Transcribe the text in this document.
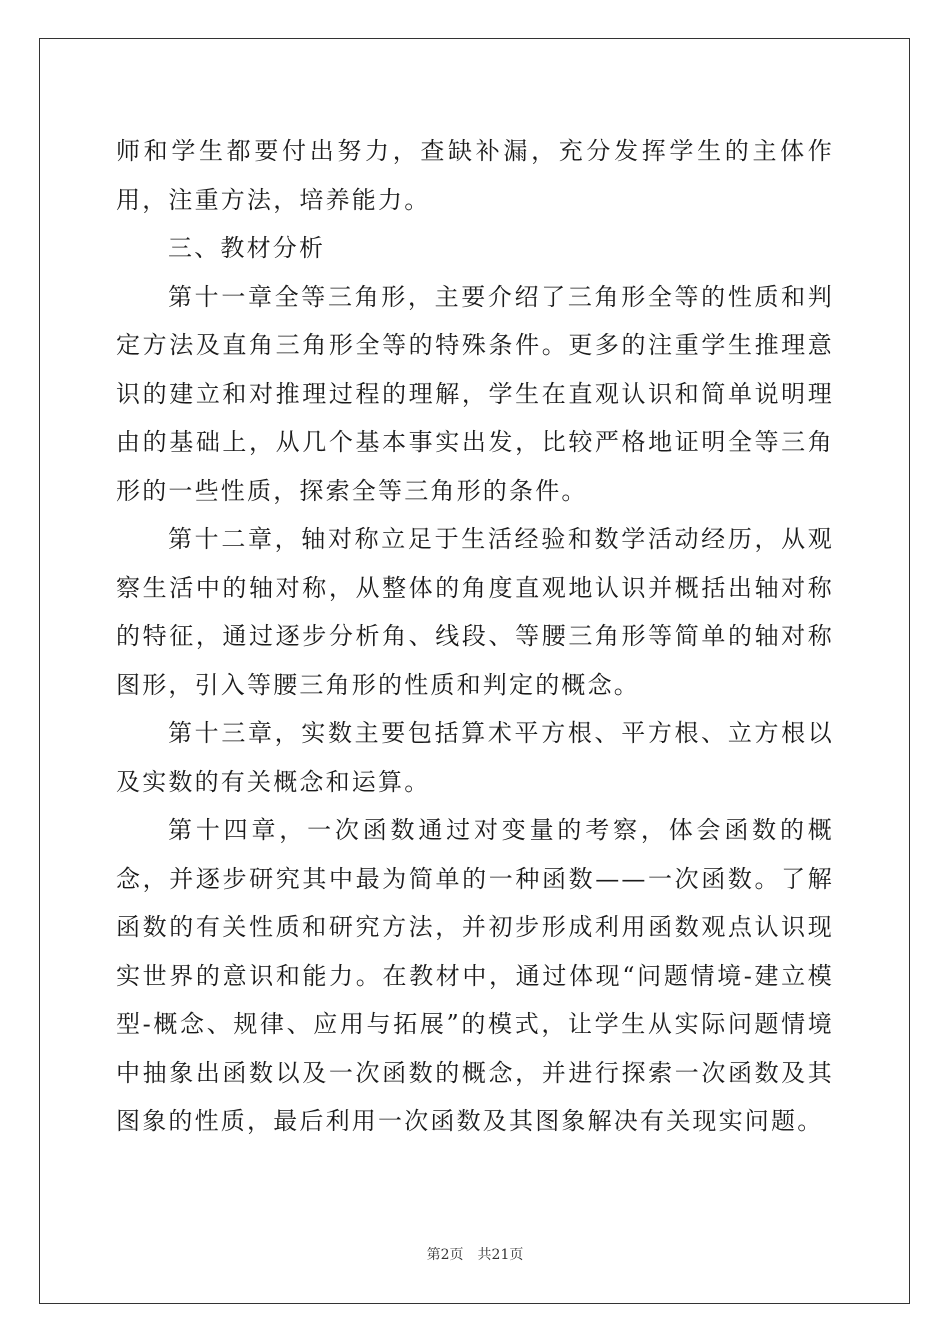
师和学生都要付出努力，查缺补漏，充分发挥学生的主体作用，注重方法，培养能力。

三、教材分析

第十一章全等三角形，主要介绍了三角形全等的性质和判定方法及直角三角形全等的特殊条件。更多的注重学生推理意识的建立和对推理过程的理解，学生在直观认识和简单说明理由的基础上，从几个基本事实出发，比较严格地证明全等三角形的一些性质，探索全等三角形的条件。

第十二章，轴对称立足于生活经验和数学活动经历，从观察生活中的轴对称，从整体的角度直观地认识并概括出轴对称的特征，通过逐步分析角、线段、等腰三角形等简单的轴对称图形，引入等腰三角形的性质和判定的概念。

第十三章，实数主要包括算术平方根、平方根、立方根以及实数的有关概念和运算。

第十四章，一次函数通过对变量的考察，体会函数的概念，并逐步研究其中最为简单的一种函数——一次函数。了解函数的有关性质和研究方法，并初步形成利用函数观点认识现实世界的意识和能力。在教材中，通过体现“问题情境-建立模型-概念、规律、应用与拓展”的模式，让学生从实际问题情境中抽象出函数以及一次函数的概念，并进行探索一次函数及其图象的性质，最后利用一次函数及其图象解决有关现实问题。

第2页 共21页
